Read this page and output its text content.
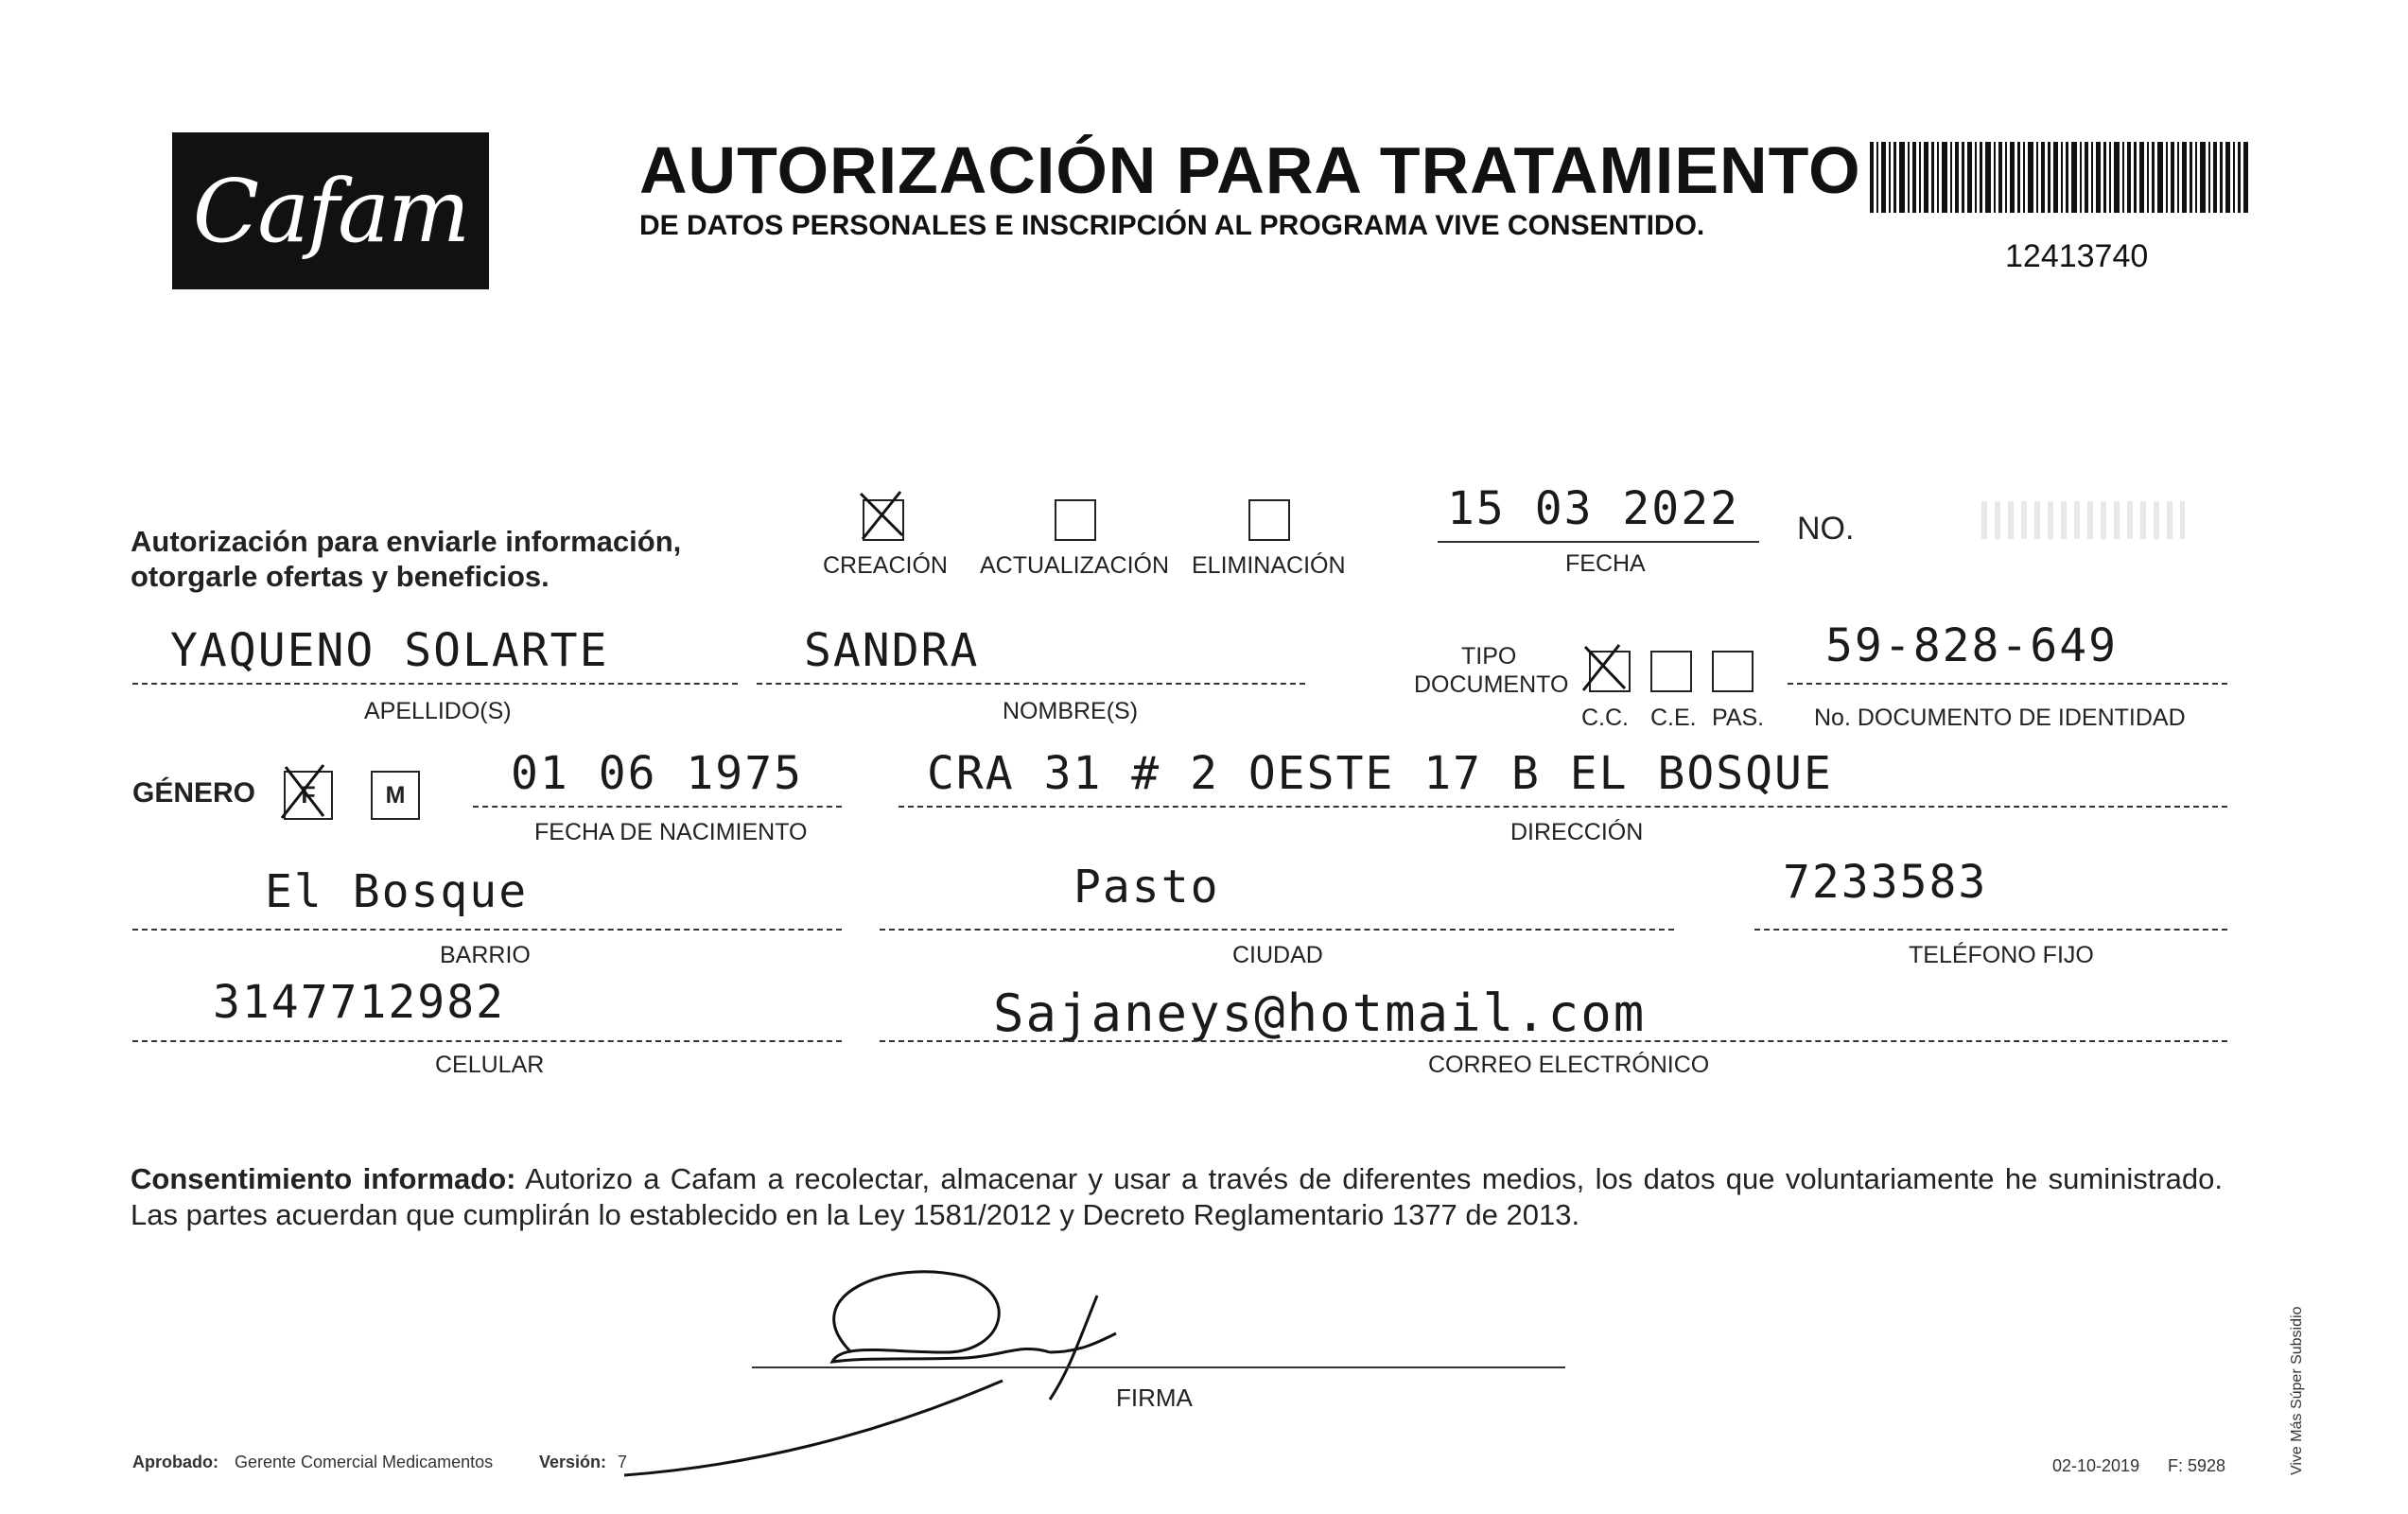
Cafam	AUTORIZACIÓN PARA TRATAMIENTO
DE DATOS PERSONALES E INSCRIPCIÓN AL PROGRAMA VIVE CONSENTIDO.
12413740
Autorización para enviarle información,
otorgarle ofertas y beneficios.	CREACIÓN ACTUALIZACIÓN ELIMINACIÓN
15 03 2022
FECHA
NO.
YAQUENO SOLARTE
APELLIDO(S)
SANDRA
NOMBRE(S)
TIPO
DOCUMENTO
C.C. C.E. PAS.
59-828-649
No. DOCUMENTO DE IDENTIDAD
GÉNERO F	M 01 06 1975
FECHA DE NACIMIENTO
CRA 31 # 2 OESTE 17 B EL BOSQUE
DIRECCIÓN
El Bosque
BARRIO
Pasto
CIUDAD
7233583
TELÉFONO FIJO
3147712982
CELULAR
Sajaneys@hotmail.com
CORREO ELECTRÓNICO
Consentimiento informado: Autorizo a Cafam a recolectar, almacenar y usar a través de diferentes medios, los datos que voluntariamente he suministrado. Las partes acuerdan que cumplirán lo establecido en la Ley 1581/2012 y Decreto Reglamentario 1377 de 2013.
FIRMA
Aprobado: Gerente Comercial Medicamentos	Versión: 7	02-10-2019 F: 5928	Vive Más Súper Subsidio
